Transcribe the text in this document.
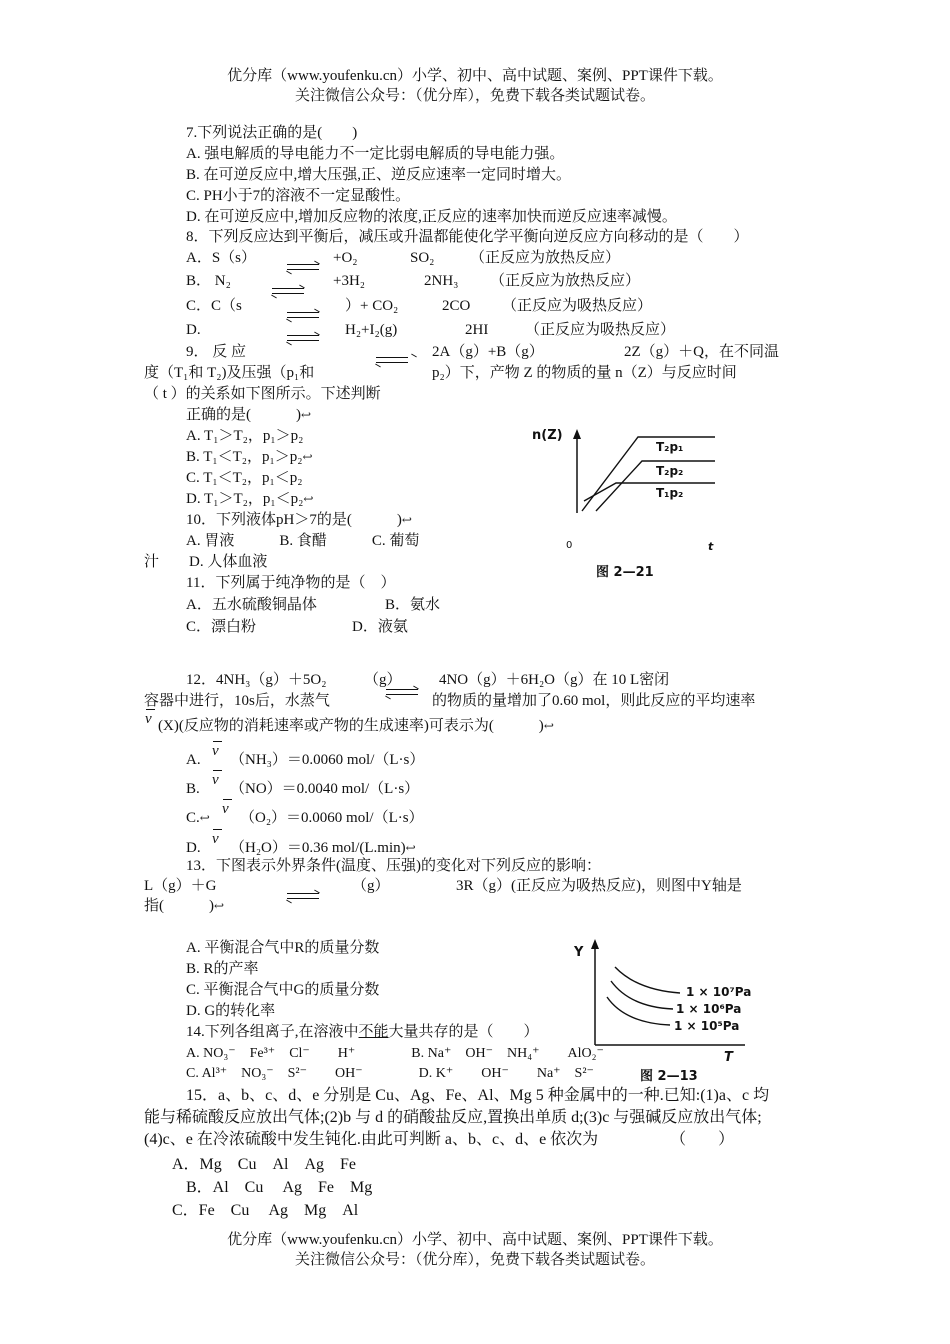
优分库（www.youfenku.cn）小学、初中、高中试题、案例、PPT课件下载。
关注微信公众号：（优分库），免费下载各类试题试卷。
7.下列说法正确的是(　　)
A. 强电解质的导电能力不一定比弱电解质的导电能力强。
B. 在可逆反应中,增大压强,正、逆反应速率一定同时增大。
C. PH小于7的溶液不一定显酸性。
D. 在可逆反应中,增加反应物的浓度,正反应的速率加快而逆反应速率减慢。
8．下列反应达到平衡后，减压或升温都能使化学平衡向逆反应方向移动的是（　　）
A．S（s）	+O₂	SO₂ （正反应为放热反应）
B． N₂	+3H₂	2NH₃ （正反应为放热反应）
C．C（s	）+ CO₂	2CO （正反应为吸热反应）
D.	H₂+I₂(g)	2HI （正反应为吸热反应）
9． 反 应	2A（g）+B（g）	2Z（g）＋Q，在不同温
度（T₁和 T₂)及压强（p₁和	p₂）下，产物 Z 的物质的量 n（Z）与反应时间
（ t ）的关系如下图所示。下述判断
正确的是(　　　)↩
A. T₁＞T₂，p₁＞p₂
B. T₁＜T₂，p₁＞p₂↩
C. T₁＜T₂，p₁＜p₂
D. T₁＞T₂，p₁＜p₂↩
n(Z)
T₂p₁
T₂p₂
T₁p₂
0	t
图 2—21
10．下列液体pH＞7的是(　　　)↩
A. 胃液　　　B. 食醋　　　C. 葡萄
汁　　D. 人体血液
11．下列属于纯净物的是（　）
A．五水硫酸铜晶体	B．氨水
C．漂白粉	D．液氨
12．4NH₃（g）＋5O₂　　　（g）　　　4NO（g）＋6H₂O（g）在 10 L密闭
容器中进行，10s后，水蒸气	的物质的量增加了0.60 mol，则此反应的平均速率
v (X)(反应物的消耗速率或产物的生成速率)可表示为(　　　)↩
A.
v
（NH₃）＝0.0060 mol/（L·s）
B.
v
（NO）＝0.0040 mol/（L·s）
C.↩
v
（O₂）＝0.0060 mol/（L·s）
D.
v
（H₂O）＝0.36 mol/(L.min)↩
13．下图表示外界条件(温度、压强)的变化对下列反应的影响：
L（g）＋G	（g）	3R（g）(正反应为吸热反应)，则图中Y轴是
指(　　　)↩
A. 平衡混合气中R的质量分数
B. R的产率
C. 平衡混合气中G的质量分数
D. G的转化率
Y
1 × 10⁷Pa
1 × 10⁶Pa
1 × 10⁵Pa
T
图 2—13
14.下列各组离子,在溶液中不能大量共存的是（　　）
A. NO₃⁻　Fe³⁺　Cl⁻　　H⁺　　　　B. Na⁺　OH⁻　NH₄⁺　　AlO₂⁻
C. Al³⁺　NO₃⁻　S²⁻　　OH⁻　　　　D. K⁺　　OH⁻　　Na⁺　S²⁻
15．a、b、c、d、e 分别是 Cu、Ag、Fe、Al、Mg 5 种金属中的一种.已知:(1)a、c 均
能与稀硫酸反应放出气体;(2)b 与 d 的硝酸盐反应,置换出单质 d;(3)c 与强碱反应放出气体;
(4)c、e 在冷浓硫酸中发生钝化.由此可判断 a、b、c、d、e 依次为　　　　　（　　）
A．Mg　Cu　Al　Ag　Fe
B．Al　Cu　 Ag　Fe　Mg
C．Fe　Cu　 Ag　Mg　Al
优分库（www.youfenku.cn）小学、初中、高中试题、案例、PPT课件下载。
关注微信公众号：（优分库），免费下载各类试题试卷。
